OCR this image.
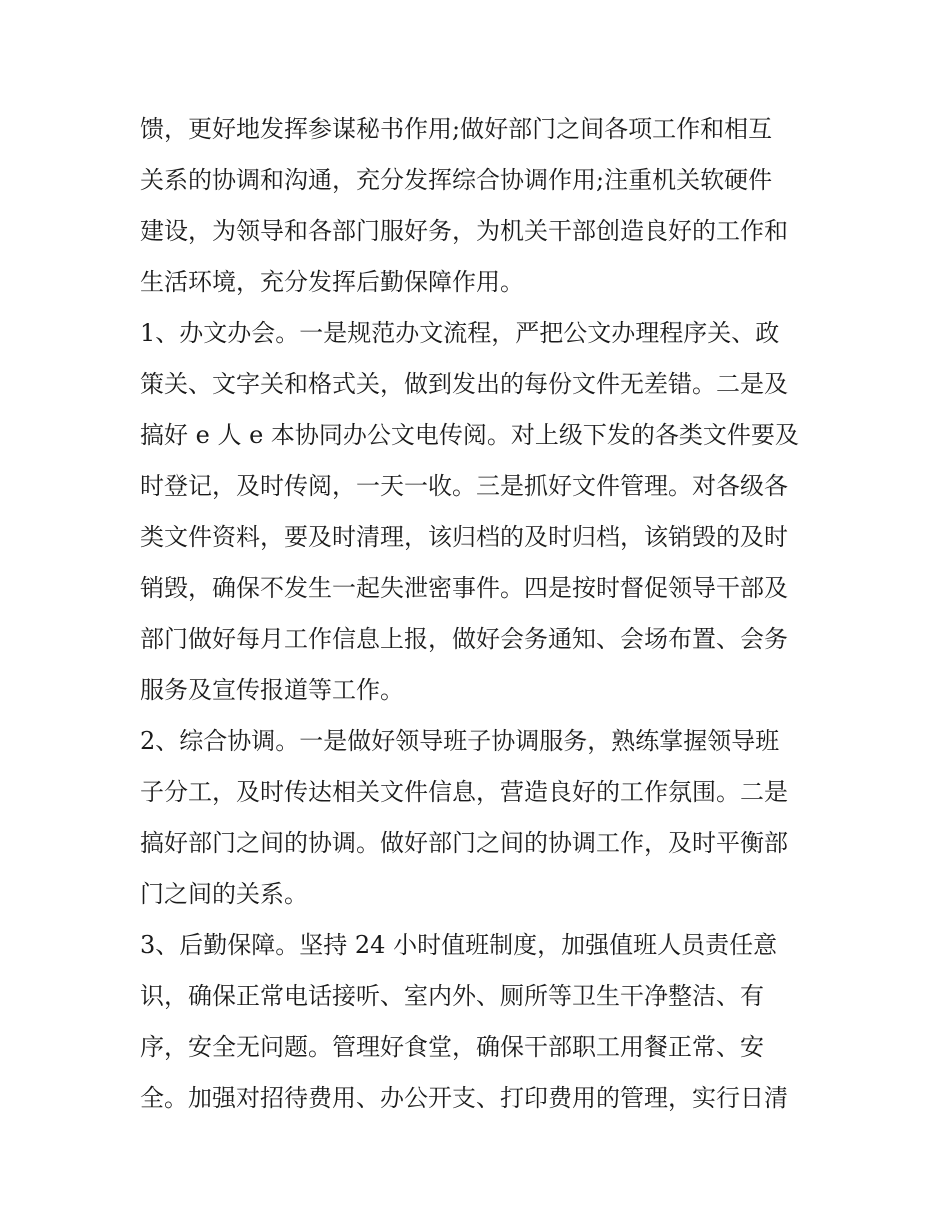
馈，更好地发挥参谋秘书作用;做好部门之间各项工作和相互
关系的协调和沟通，充分发挥综合协调作用;注重机关软硬件
建设，为领导和各部门服好务，为机关干部创造良好的工作和
生活环境，充分发挥后勤保障作用。
1、办文办会。一是规范办文流程，严把公文办理程序关、政
策关、文字关和格式关，做到发出的每份文件无差错。二是及
搞好 e 人 e 本协同办公文电传阅。对上级下发的各类文件要及
时登记，及时传阅，一天一收。三是抓好文件管理。对各级各
类文件资料，要及时清理，该归档的及时归档，该销毁的及时
销毁，确保不发生一起失泄密事件。四是按时督促领导干部及
部门做好每月工作信息上报，做好会务通知、会场布置、会务
服务及宣传报道等工作。
2、综合协调。一是做好领导班子协调服务，熟练掌握领导班
子分工，及时传达相关文件信息，营造良好的工作氛围。二是
搞好部门之间的协调。做好部门之间的协调工作，及时平衡部
门之间的关系。
3、后勤保障。坚持 24 小时值班制度，加强值班人员责任意
识，确保正常电话接听、室内外、厕所等卫生干净整洁、有
序，安全无问题。管理好食堂，确保干部职工用餐正常、安
全。加强对招待费用、办公开支、打印费用的管理，实行日清
